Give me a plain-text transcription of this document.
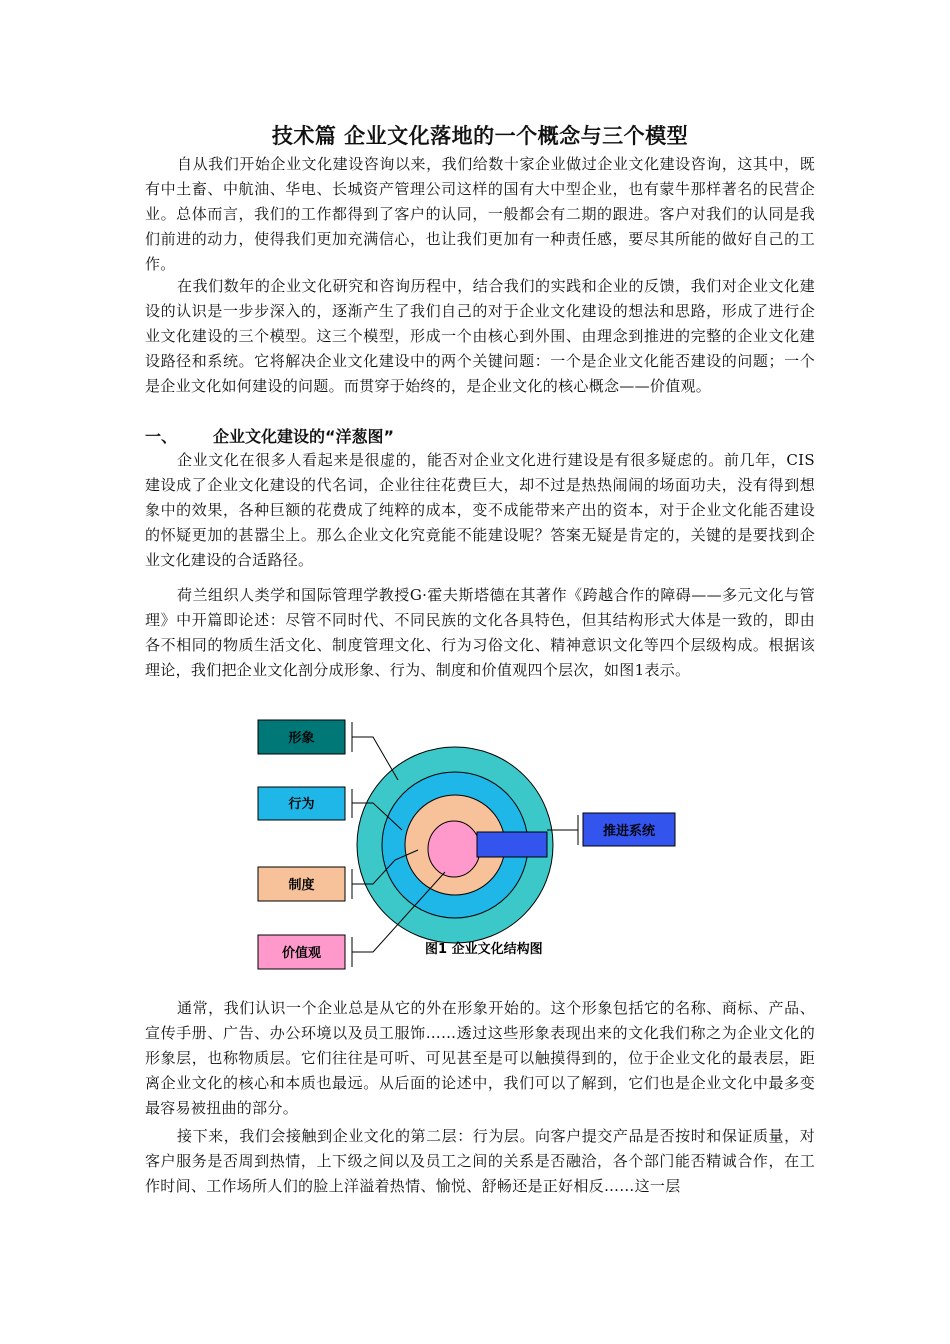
技术篇 企业文化落地的一个概念与三个模型
自从我们开始企业文化建设咨询以来，我们给数十家企业做过企业文化建设咨询，这其中，既有中土畜、中航油、华电、长城资产管理公司这样的国有大中型企业，也有蒙牛那样著名的民营企业。总体而言，我们的工作都得到了客户的认同，一般都会有二期的跟进。客户对我们的认同是我们前进的动力，使得我们更加充满信心，也让我们更加有一种责任感，要尽其所能的做好自己的工作。
在我们数年的企业文化研究和咨询历程中，结合我们的实践和企业的反馈，我们对企业文化建设的认识是一步步深入的，逐渐产生了我们自己的对于企业文化建设的想法和思路，形成了进行企业文化建设的三个模型。这三个模型，形成一个由核心到外围、由理念到推进的完整的企业文化建设路径和系统。它将解决企业文化建设中的两个关键问题：一个是企业文化能否建设的问题；一个是企业文化如何建设的问题。而贯穿于始终的，是企业文化的核心概念——价值观。
一、 企业文化建设的“洋葱图”
企业文化在很多人看起来是很虚的，能否对企业文化进行建设是有很多疑虑的。前几年，CIS 建设成了企业文化建设的代名词，企业往往花费巨大，却不过是热热闹闹的场面功夫，没有得到想象中的效果，各种巨额的花费成了纯粹的成本，变不成能带来产出的资本，对于企业文化能否建设的怀疑更加的甚嚣尘上。那么企业文化究竟能不能建设呢？答案无疑是肯定的，关键的是要找到企业文化建设的合适路径。
荷兰组织人类学和国际管理学教授G·霍夫斯塔德在其著作《跨越合作的障碍——多元文化与管理》中开篇即论述：尽管不同时代、不同民族的文化各具特色，但其结构形式大体是一致的，即由各不相同的物质生活文化、制度管理文化、行为习俗文化、精神意识文化等四个层级构成。根据该理论，我们把企业文化剖分成形象、行为、制度和价值观四个层次，如图1表示。
通常，我们认识一个企业总是从它的外在形象开始的。这个形象包括它的名称、商标、产品、宣传手册、广告、办公环境以及员工服饰……透过这些形象表现出来的文化我们称之为企业文化的形象层，也称物质层。它们往往是可听、可见甚至是可以触摸得到的，位于企业文化的最表层，距离企业文化的核心和本质也最远。从后面的论述中，我们可以了解到，它们也是企业文化中最多变最容易被扭曲的部分。
接下来，我们会接触到企业文化的第二层：行为层。向客户提交产品是否按时和保证质量，对客户服务是否周到热情，上下级之间以及员工之间的关系是否融洽，各个部门能否精诚合作，在工作时间、工作场所人们的脸上洋溢着热情、愉悦、舒畅还是正好相反……这一层
形象
行为
制度
价值观
推进系统
图1 企业文化结构图
